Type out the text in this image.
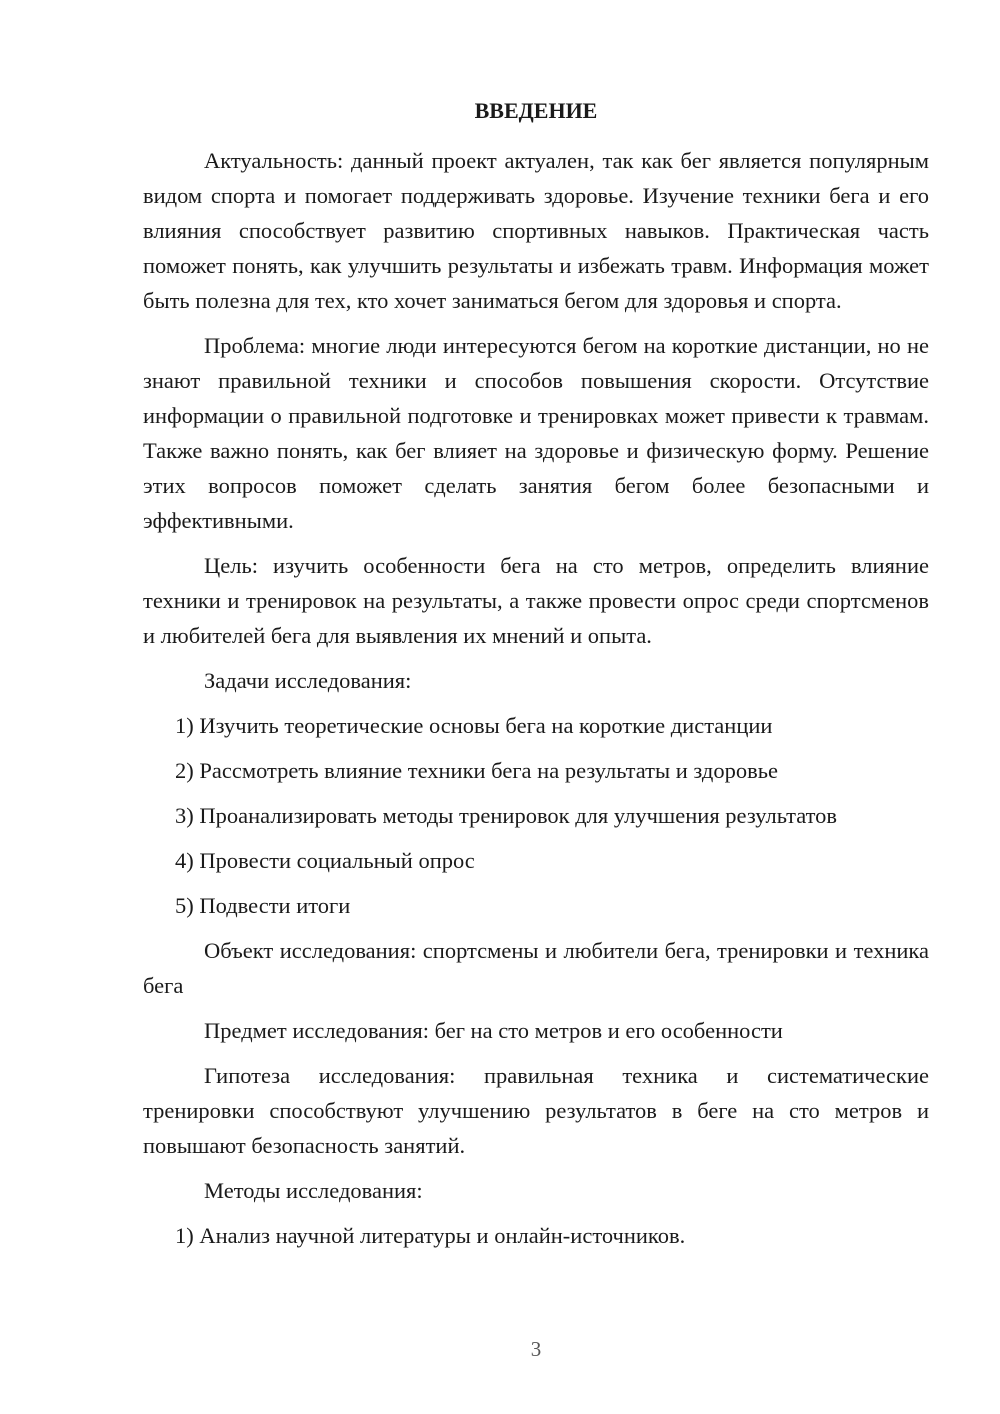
ВВЕДЕНИЕ

Актуальность: данный проект актуален, так как бег является популярным видом спорта и помогает поддерживать здоровье. Изучение техники бега и его влияния способствует развитию спортивных навыков. Практическая часть поможет понять, как улучшить результаты и избежать травм. Информация может быть полезна для тех, кто хочет заниматься бегом для здоровья и спорта.

Проблема: многие люди интересуются бегом на короткие дистанции, но не знают правильной техники и способов повышения скорости. Отсутствие информации о правильной подготовке и тренировках может привести к травмам. Также важно понять, как бег влияет на здоровье и физическую форму. Решение этих вопросов поможет сделать занятия бегом более безопасными и эффективными.

Цель: изучить особенности бега на сто метров, определить влияние техники и тренировок на результаты, а также провести опрос среди спортсменов и любителей бега для выявления их мнений и опыта.

Задачи исследования:

1) Изучить теоретические основы бега на короткие дистанции

2) Рассмотреть влияние техники бега на результаты и здоровье

3) Проанализировать методы тренировок для улучшения результатов

4) Провести социальный опрос

5) Подвести итоги

Объект исследования: спортсмены и любители бега, тренировки и техника бега

Предмет исследования: бег на сто метров и его особенности

Гипотеза исследования: правильная техника и систематические тренировки способствуют улучшению результатов в беге на сто метров и повышают безопасность занятий.

Методы исследования:

1) Анализ научной литературы и онлайн-источников.

3
